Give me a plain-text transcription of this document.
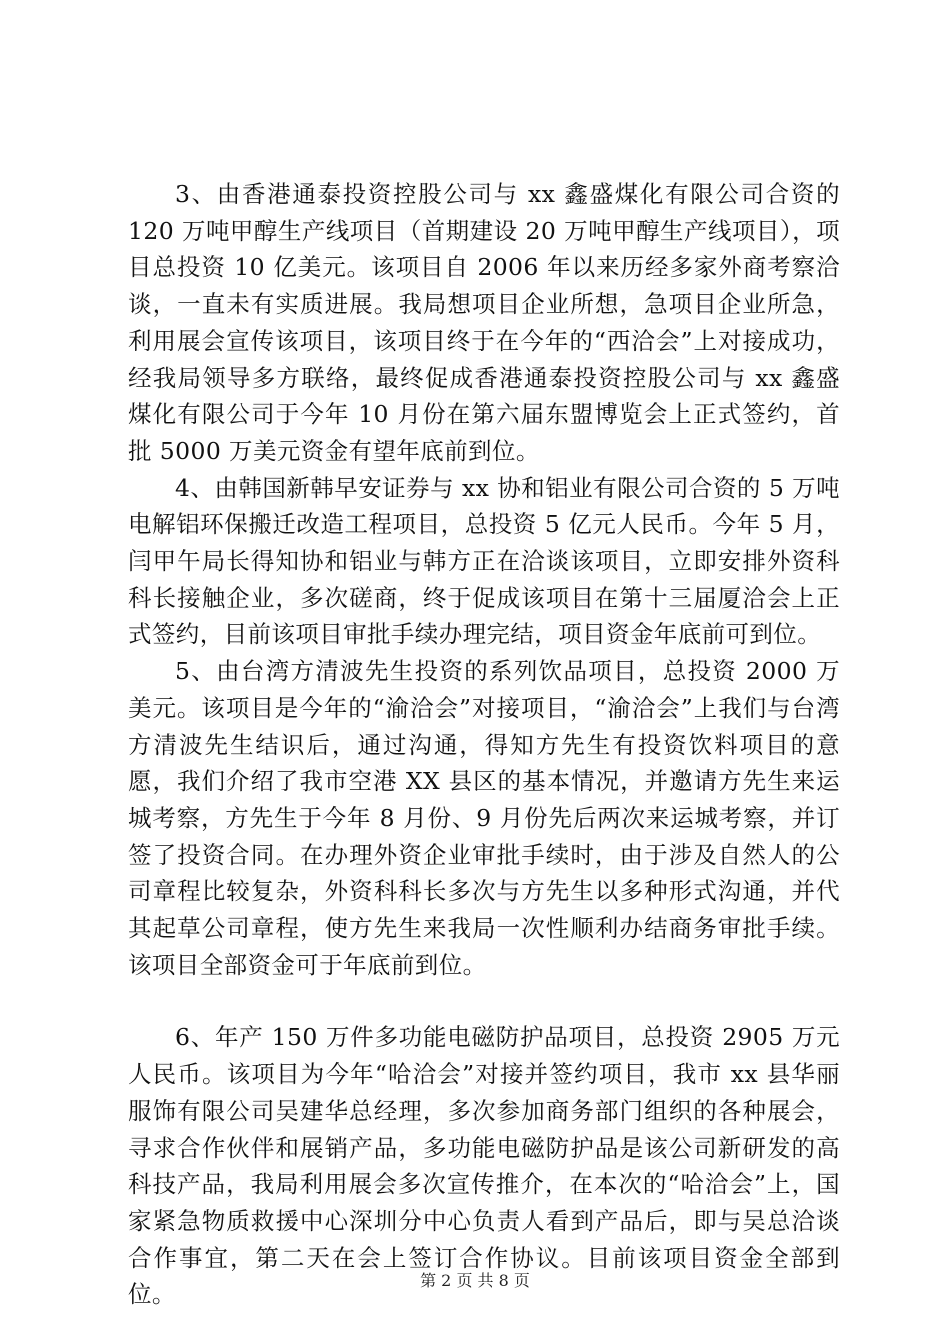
3、由香港通泰投资控股公司与 xx 鑫盛煤化有限公司合资的 120 万吨甲醇生产线项目（首期建设 20 万吨甲醇生产线项目），项目总投资 10 亿美元。该项目自 2006 年以来历经多家外商考察洽谈，一直未有实质进展。我局想项目企业所想，急项目企业所急，利用展会宣传该项目，该项目终于在今年的“西洽会”上对接成功，经我局领导多方联络，最终促成香港通泰投资控股公司与 xx 鑫盛煤化有限公司于今年 10 月份在第六届东盟博览会上正式签约，首批 5000 万美元资金有望年底前到位。

4、由韩国新韩早安证券与 xx 协和铝业有限公司合资的 5 万吨电解铝环保搬迁改造工程项目，总投资 5 亿元人民币。今年 5 月，闫甲午局长得知协和铝业与韩方正在洽谈该项目，立即安排外资科科长接触企业，多次磋商，终于促成该项目在第十三届厦洽会上正式签约，目前该项目审批手续办理完结，项目资金年底前可到位。

5、由台湾方清波先生投资的系列饮品项目，总投资 2000 万美元。该项目是今年的“渝洽会”对接项目，“渝洽会”上我们与台湾方清波先生结识后，通过沟通，得知方先生有投资饮料项目的意愿，我们介绍了我市空港 XX 县区的基本情况，并邀请方先生来运城考察，方先生于今年 8 月份、9 月份先后两次来运城考察，并订签了投资合同。在办理外资企业审批手续时，由于涉及自然人的公司章程比较复杂，外资科科长多次与方先生以多种形式沟通，并代其起草公司章程，使方先生来我局一次性顺利办结商务审批手续。该项目全部资金可于年底前到位。

6、年产 150 万件多功能电磁防护品项目，总投资 2905 万元人民币。该项目为今年“哈洽会”对接并签约项目，我市 xx 县华丽服饰有限公司吴建华总经理，多次参加商务部门组织的各种展会，寻求合作伙伴和展销产品，多功能电磁防护品是该公司新研发的高科技产品，我局利用展会多次宣传推介，在本次的“哈洽会”上，国家紧急物质救援中心深圳分中心负责人看到产品后，即与吴总洽谈合作事宜，第二天在会上签订合作协议。目前该项目资金全部到位。	第 2 页 共 8 页
